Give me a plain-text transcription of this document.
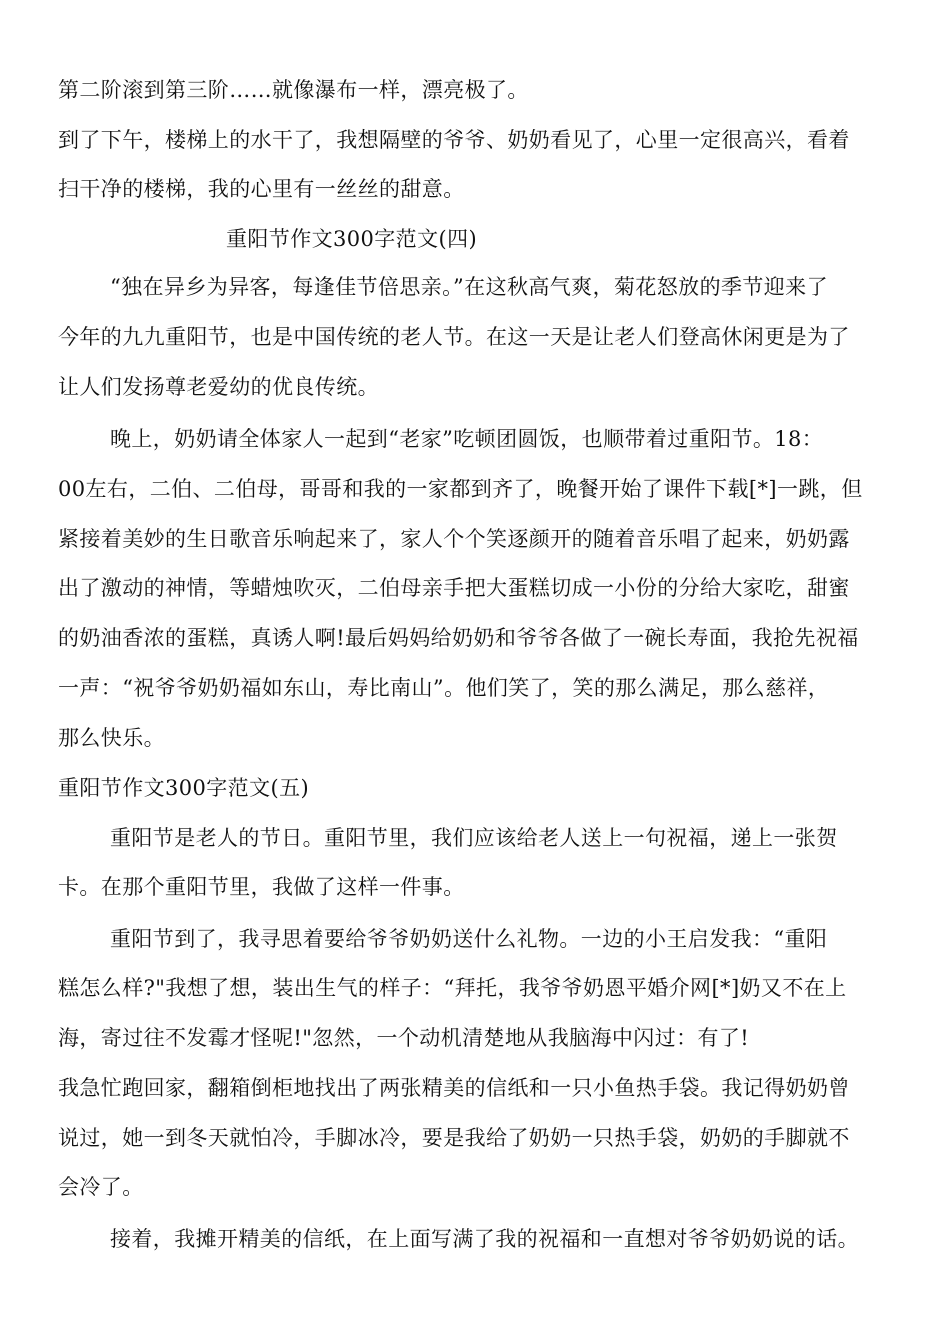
第二阶滚到第三阶……就像瀑布一样，漂亮极了。
到了下午，楼梯上的水干了，我想隔壁的爷爷、奶奶看见了，心里一定很高兴，看着
扫干净的楼梯，我的心里有一丝丝的甜意。
重阳节作文300字范文(四)
“独在异乡为异客，每逢佳节倍思亲。”在这秋高气爽，菊花怒放的季节迎来了
今年的九九重阳节，也是中国传统的老人节。在这一天是让老人们登高休闲更是为了
让人们发扬尊老爱幼的优良传统。
晚上，奶奶请全体家人一起到“老家”吃顿团圆饭，也顺带着过重阳节。18：
00左右，二伯、二伯母，哥哥和我的一家都到齐了，晚餐开始了课件下载[*]一跳，但
紧接着美妙的生日歌音乐响起来了，家人个个笑逐颜开的随着音乐唱了起来，奶奶露
出了激动的神情，等蜡烛吹灭，二伯母亲手把大蛋糕切成一小份的分给大家吃，甜蜜
的奶油香浓的蛋糕，真诱人啊!最后妈妈给奶奶和爷爷各做了一碗长寿面，我抢先祝福
一声：“祝爷爷奶奶福如东山，寿比南山”。他们笑了，笑的那么满足，那么慈祥，
那么快乐。
重阳节作文300字范文(五)
重阳节是老人的节日。重阳节里，我们应该给老人送上一句祝福，递上一张贺
卡。在那个重阳节里，我做了这样一件事。
重阳节到了，我寻思着要给爷爷奶奶送什么礼物。一边的小王启发我：“重阳
糕怎么样?"我想了想，装出生气的样子：“拜托，我爷爷奶恩平婚介网[*]奶又不在上
海，寄过往不发霉才怪呢!"忽然，一个动机清楚地从我脑海中闪过：有了!
我急忙跑回家，翻箱倒柜地找出了两张精美的信纸和一只小鱼热手袋。我记得奶奶曾
说过，她一到冬天就怕冷，手脚冰冷，要是我给了奶奶一只热手袋，奶奶的手脚就不
会冷了。
接着，我摊开精美的信纸，在上面写满了我的祝福和一直想对爷爷奶奶说的话。
